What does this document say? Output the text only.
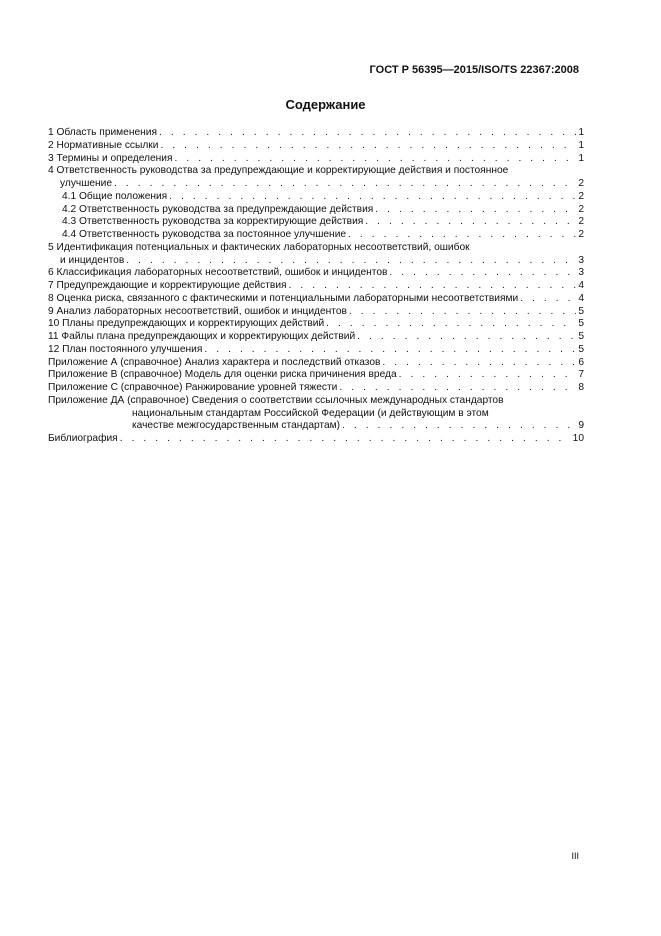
ГОСТ Р 56395—2015/ISO/TS 22367:2008
Содержание
1 Область применения . . .	1
2 Нормативные ссылки . . .	1
3 Термины и определения . . .	1
4 Ответственность руководства за предупреждающие и корректирующие действия и постоянное
улучшение . . .	2
4.1 Общие положения . . .	2
4.2 Ответственность руководства за предупреждающие действия . . .	2
4.3 Ответственность руководства за корректирующие действия . . .	2
4.4 Ответственность руководства за постоянное улучшение . . .	2
5 Идентификация потенциальных и фактических лабораторных несоответствий, ошибок
и инцидентов . . .	3
6 Классификация лабораторных несоответствий, ошибок и инцидентов . . .	3
7 Предупреждающие и корректирующие действия . . .	4
8 Оценка риска, связанного с фактическими и потенциальными лабораторными несоответствиями . . .	4
9 Анализ лабораторных несоответствий, ошибок и инцидентов . . .	5
10 Планы предупреждающих и корректирующих действий . . .	5
11 Файлы плана предупреждающих и корректирующих действий . . .	5
12 План постоянного улучшения . . .	5
Приложение А (справочное) Анализ характера и последствий отказов . . .	6
Приложение В (справочное) Модель для оценки риска причинения вреда . . .	7
Приложение С (справочное) Ранжирование уровней тяжести . . .	8
Приложение ДА (справочное) Сведения о соответствии ссылочных международных стандартов
национальным стандартам Российской Федерации (и действующим в этом
качестве межгосударственным стандартам) . . .	9
Библиография . . .	10
III
